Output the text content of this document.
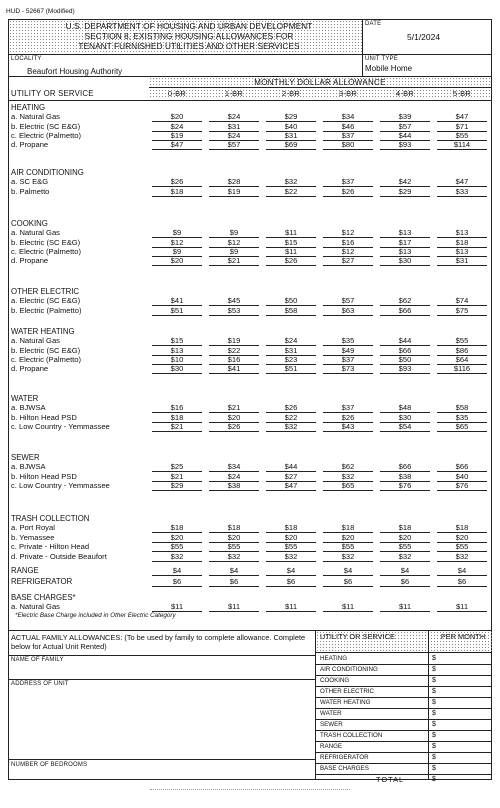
HUD - 52667 (Modified)
U.S. DEPARTMENT OF HOUSING AND URBAN DEVELOPMENT
SECTION 8, EXISTING HOUSING ALLOWANCES FOR
TENANT FURNISHED UTILITIES AND OTHER SERVICES
DATE
5/1/2024
LOCALITY
Beaufort Housing Authority
UNIT TYPE
Mobile Home
MONTHLY DOLLAR ALLOWANCE
UTILITY OR SERVICE	0-BR	1-BR	2-BR	3-BR	4-BR	5-BR
HEATING
a. Natural Gas	$20	$24	$29	$34	$39	$47
b. Electric (SC E&G)	$24	$31	$40	$46	$57	$71
c. Electric (Palmetto)	$19	$24	$31	$37	$44	$55
d. Propane	$47	$57	$69	$80	$93	$114
AIR CONDITIONING
a. SC E&G	$26	$28	$32	$37	$42	$47
b. Palmetto	$18	$19	$22	$26	$29	$33
COOKING
a. Natural Gas	$9	$9	$11	$12	$13	$13
b. Electric (SC E&G)	$12	$12	$15	$16	$17	$18
c. Electric (Palmetto)	$9	$9	$11	$12	$13	$13
d. Propane	$20	$21	$26	$27	$30	$31
OTHER ELECTRIC
a. Electric (SC E&G)	$41	$45	$50	$57	$62	$74
b. Electric (Palmetto)	$51	$53	$58	$63	$66	$75
WATER HEATING
a. Natural Gas	$15	$19	$24	$35	$44	$55
b. Electric (SC E&G)	$13	$22	$31	$49	$66	$86
c. Electric (Palmetto)	$10	$16	$23	$37	$50	$64
d. Propane	$30	$41	$51	$73	$93	$116
WATER
a. BJWSA	$16	$21	$26	$37	$48	$58
b. Hilton Head PSD	$18	$20	$22	$26	$30	$35
c. Low Country - Yemmassee	$21	$26	$32	$43	$54	$65
SEWER
a. BJWSA	$25	$34	$44	$62	$66	$66
b. Hilton Head PSD	$21	$24	$27	$32	$38	$40
c. Low Country - Yemmassee	$29	$38	$47	$65	$76	$76
TRASH COLLECTION
a. Port Royal	$18	$18	$18	$18	$18	$18
b. Yemassee	$20	$20	$20	$20	$20	$20
c. Private - Hilton Head	$55	$55	$55	$55	$55	$55
d. Private - Outside Beaufort	$32	$32	$32	$32	$32	$32
RANGE	$4	$4	$4	$4	$4	$4
REFRIGERATOR	$6	$6	$6	$6	$6	$6
BASE CHARGES*
a. Natural Gas	$11	$11	$11	$11	$11	$11
*Electric Base Charge included in Other Electric Category
ACTUAL FAMILY ALLOWANCES: (To be used by family to complete allowance. Complete below for Actual Unit Rented)
NAME OF FAMILY
ADDRESS OF UNIT
NUMBER OF BEDROOMS
UTILITY OR SERVICE	PER MONTH
HEATING	$
AIR CONDITIONING	$
COOKING	$
OTHER ELECTRIC	$
WATER HEATING	$
WATER	$
SEWER	$
TRASH COLLECTION	$
RANGE	$
REFRIGERATOR	$
BASE CHARGES	$
TOTAL	$
